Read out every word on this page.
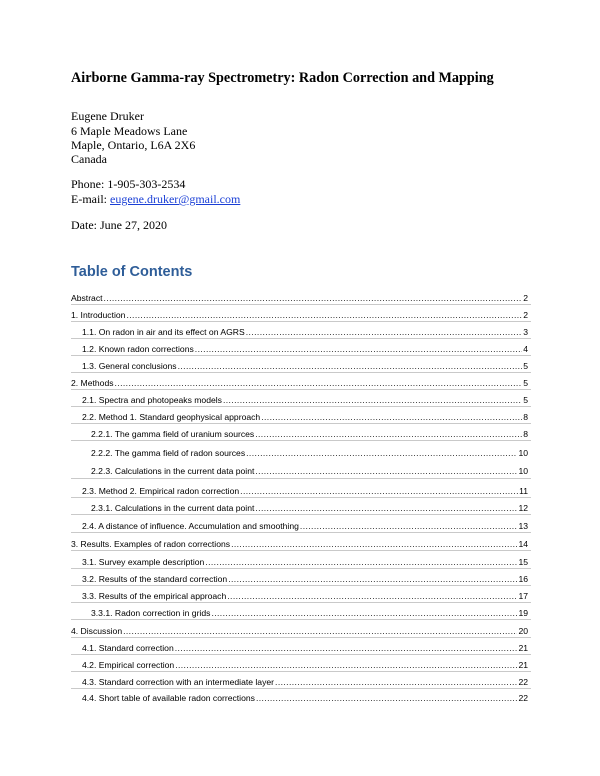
Airborne Gamma-ray Spectrometry: Radon Correction and Mapping
Eugene Druker
6 Maple Meadows Lane
Maple, Ontario, L6A 2X6
Canada
Phone: 1-905-303-2534
E-mail: eugene.druker@gmail.com
Date: June 27, 2020
Table of Contents
Abstract .....	2
1. Introduction .....	2
1.1. On radon in air and its effect on AGRS .....	3
1.2. Known radon corrections .....	4
1.3. General conclusions .....	5
2. Methods .....	5
2.1. Spectra and photopeaks models .....	5
2.2. Method 1. Standard geophysical approach .....	8
2.2.1. The gamma field of uranium sources .....	8
2.2.2. The gamma field of radon sources .....	10
2.2.3. Calculations in the current data point .....	10
2.3. Method 2. Empirical radon correction .....	11
2.3.1. Calculations in the current data point .....	12
2.4. A distance of influence. Accumulation and smoothing .....	13
3. Results. Examples of radon corrections .....	14
3.1. Survey example description .....	15
3.2. Results of the standard correction .....	16
3.3. Results of the empirical approach .....	17
3.3.1. Radon correction in grids .....	19
4. Discussion .....	20
4.1. Standard correction .....	21
4.2. Empirical correction .....	21
4.3. Standard correction with an intermediate layer .....	22
4.4. Short table of available radon corrections .....	22
